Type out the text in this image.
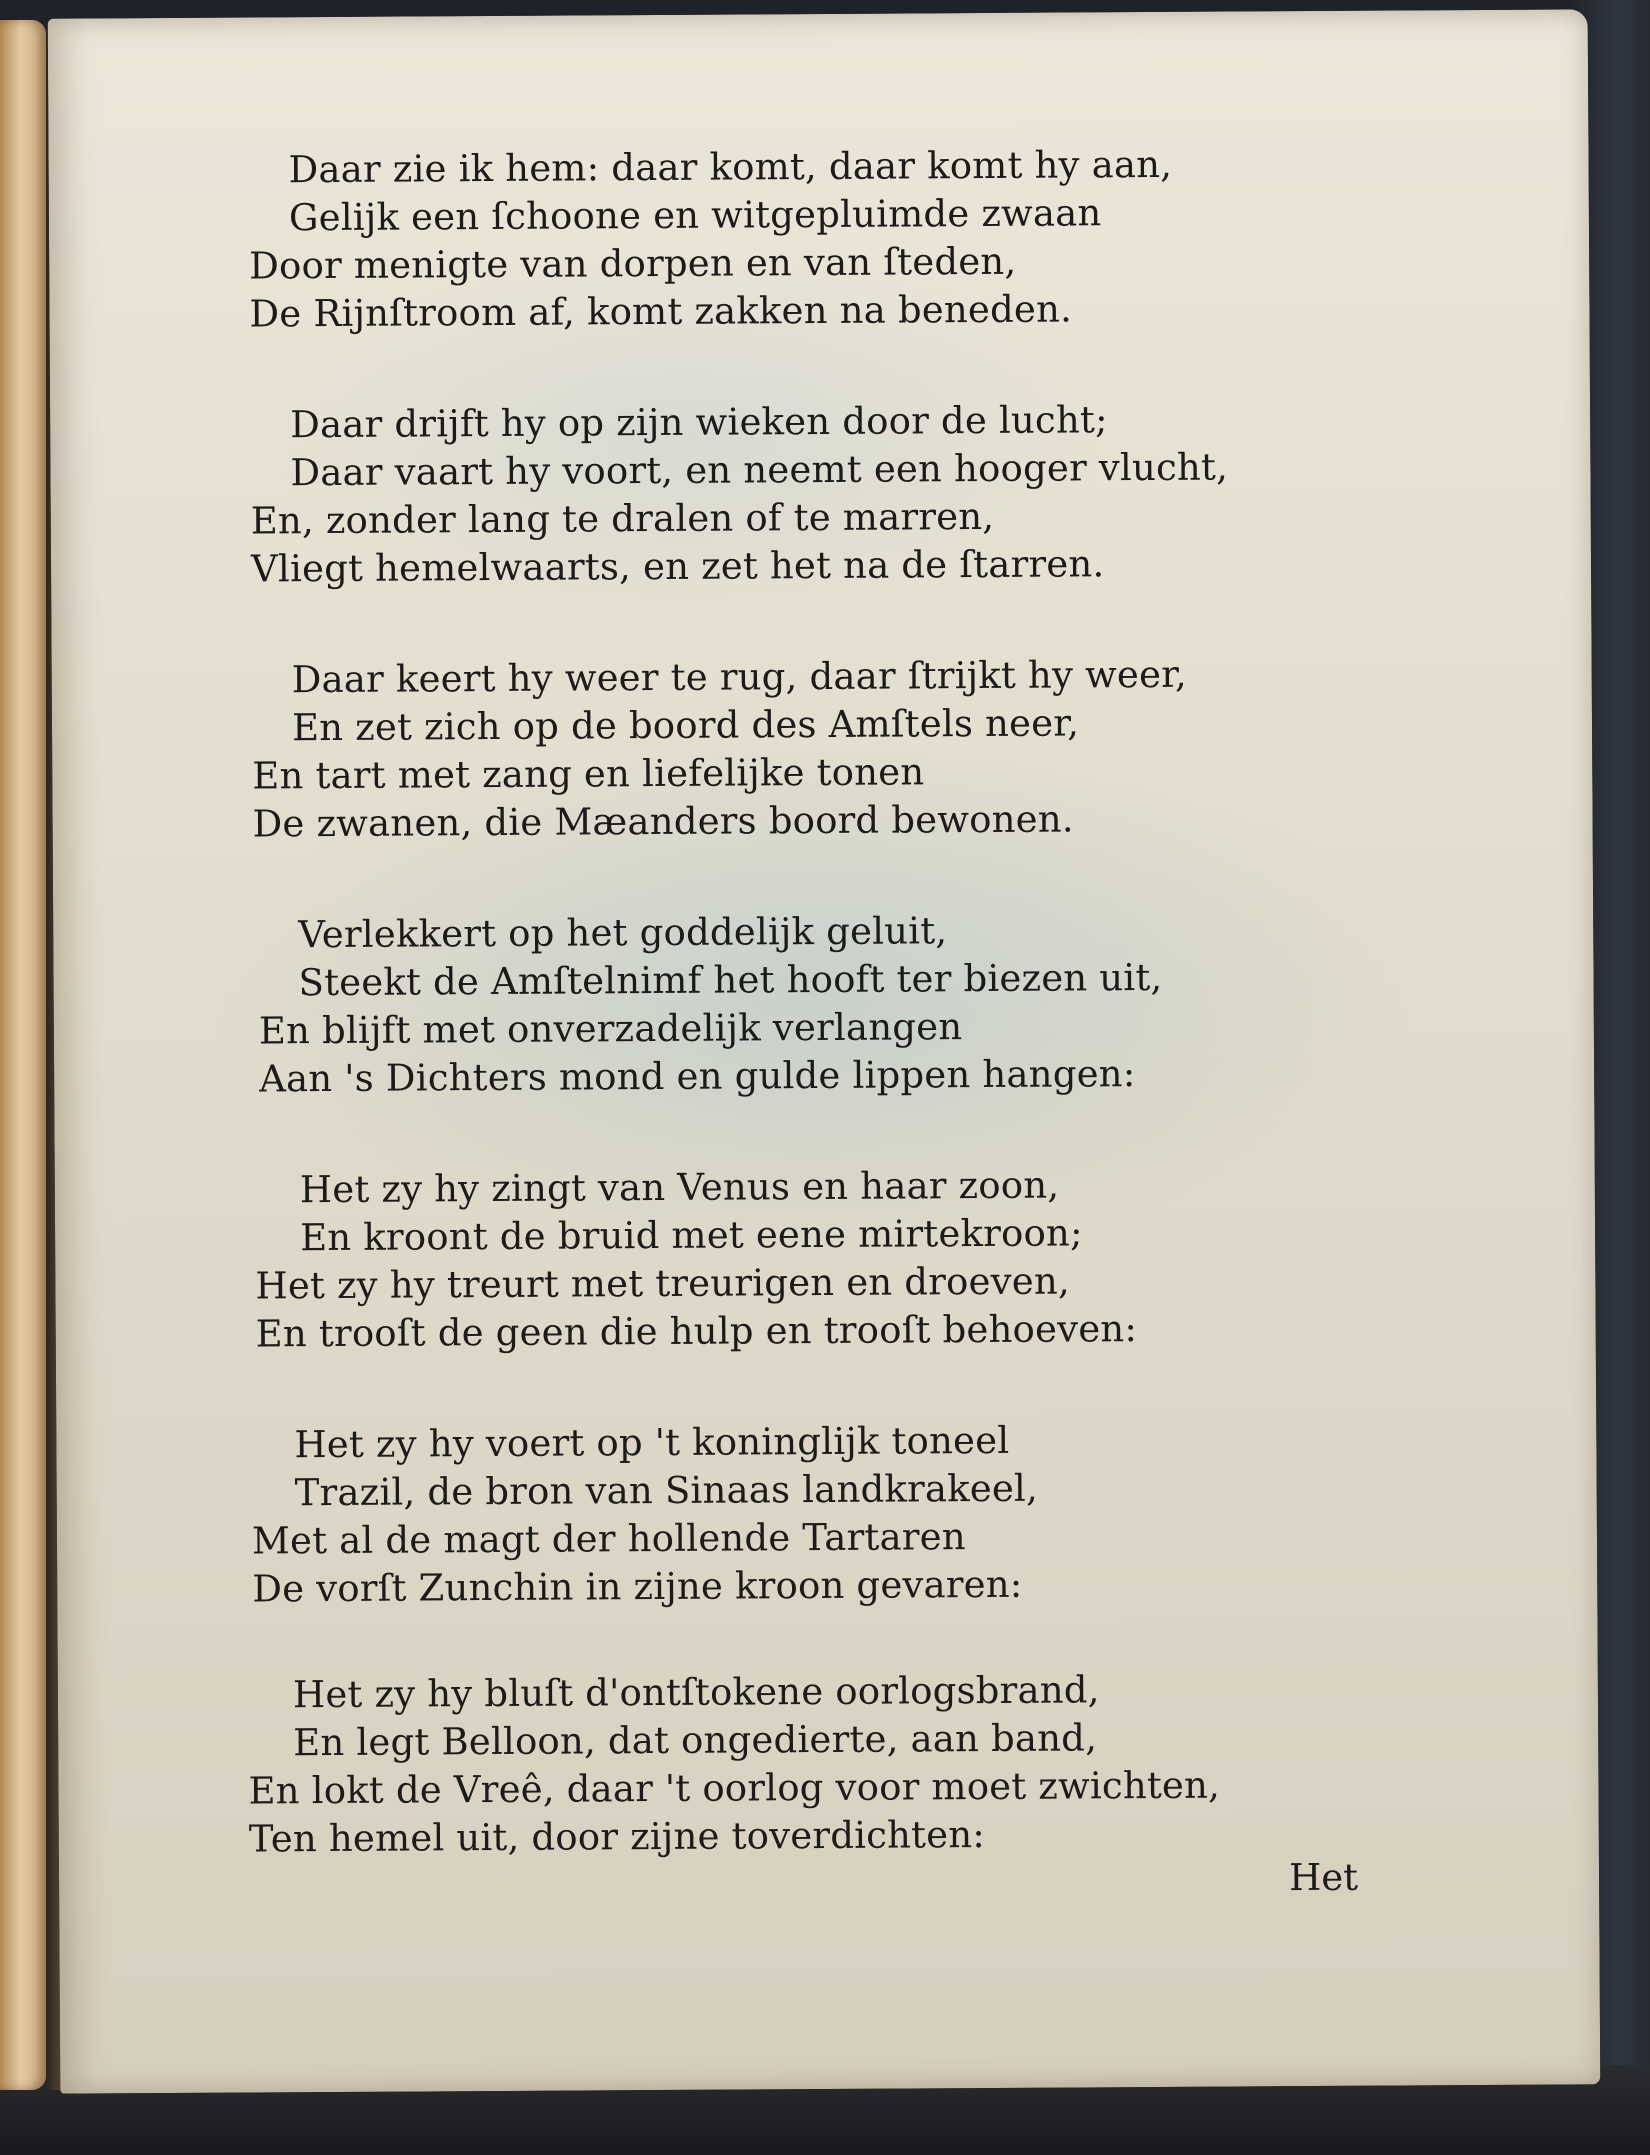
Daar zie ik hem: daar komt, daar komt hy aan,
Gelijk een ſchoone en witgepluimde zwaan
Door menigte van dorpen en van ſteden,
De Rijnſtroom af, komt zakken na beneden.
Daar drijft hy op zijn wieken door de lucht;
Daar vaart hy voort, en neemt een hooger vlucht,
En, zonder lang te dralen of te marren,
Vliegt hemelwaarts, en zet het na de ſtarren.
Daar keert hy weer te rug, daar ſtrijkt hy weer,
En zet zich op de boord des Amſtels neer,
En tart met zang en liefelijke tonen
De zwanen, die Mæanders boord bewonen.
Verlekkert op het goddelijk geluit,
Steekt de Amſtelnimf het hooft ter biezen uit,
En blijft met onverzadelijk verlangen
Aan 's Dichters mond en gulde lippen hangen:
Het zy hy zingt van Venus en haar zoon,
En kroont de bruid met eene mirtekroon;
Het zy hy treurt met treurigen en droeven,
En trooſt de geen die hulp en trooſt behoeven:
Het zy hy voert op 't koninglijk toneel
Trazil, de bron van Sinaas landkrakeel,
Met al de magt der hollende Tartaren
De vorſt Zunchin in zijne kroon gevaren:
Het zy hy bluſt d'ontſtokene oorlogsbrand,
En legt Belloon, dat ongedierte, aan band,
En lokt de Vreê, daar 't oorlog voor moet zwichten,
Ten hemel uit, door zijne toverdichten:
Het
